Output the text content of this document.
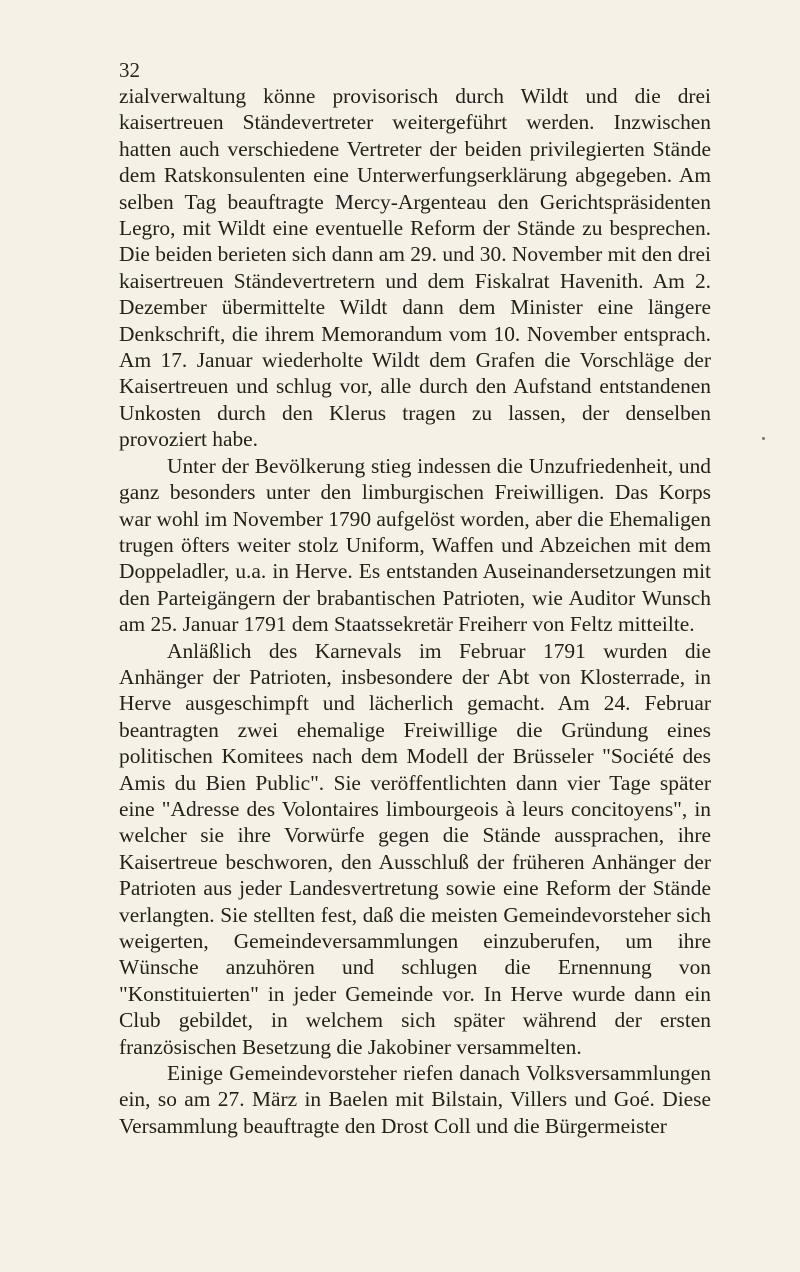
32

zialverwaltung könne provisorisch durch Wildt und die drei kaisertreuen Ständevertreter weitergeführt werden. Inzwischen hatten auch verschiedene Vertreter der beiden privilegierten Stände dem Ratskonsulenten eine Unterwerfungserklärung abgegeben. Am selben Tag beauftragte Mercy-Argenteau den Gerichtspräsidenten Legro, mit Wildt eine eventuelle Reform der Stände zu besprechen. Die beiden berieten sich dann am 29. und 30. November mit den drei kaisertreuen Ständevertretern und dem Fiskalrat Havenith. Am 2. Dezember übermittelte Wildt dann dem Minister eine längere Denkschrift, die ihrem Memorandum vom 10. November entsprach. Am 17. Januar wiederholte Wildt dem Grafen die Vorschläge der Kaisertreuen und schlug vor, alle durch den Aufstand entstandenen Unkosten durch den Klerus tragen zu lassen, der denselben provoziert habe.

Unter der Bevölkerung stieg indessen die Unzufriedenheit, und ganz besonders unter den limburgischen Freiwilligen. Das Korps war wohl im November 1790 aufgelöst worden, aber die Ehemaligen trugen öfters weiter stolz Uniform, Waffen und Abzeichen mit dem Doppeladler, u.a. in Herve. Es entstanden Auseinandersetzungen mit den Parteigängern der brabantischen Patrioten, wie Auditor Wunsch am 25. Januar 1791 dem Staatssekretär Freiherr von Feltz mitteilte.

Anläßlich des Karnevals im Februar 1791 wurden die Anhänger der Patrioten, insbesondere der Abt von Klosterrade, in Herve ausgeschimpft und lächerlich gemacht. Am 24. Februar beantragten zwei ehemalige Freiwillige die Gründung eines politischen Komitees nach dem Modell der Brüsseler "Société des Amis du Bien Public". Sie veröffentlichten dann vier Tage später eine "Adresse des Volontaires limbourgeois à leurs concitoyens", in welcher sie ihre Vorwürfe gegen die Stände aussprachen, ihre Kaisertreue beschworen, den Ausschluß der früheren Anhänger der Patrioten aus jeder Landesvertretung sowie eine Reform der Stände verlangten. Sie stellten fest, daß die meisten Gemeindevorsteher sich weigerten, Gemeindeversammlungen einzuberufen, um ihre Wünsche anzuhören und schlugen die Ernennung von "Konstituierten" in jeder Gemeinde vor. In Herve wurde dann ein Club gebildet, in welchem sich später während der ersten französischen Besetzung die Jakobiner versammelten.

Einige Gemeindevorsteher riefen danach Volksversammlungen ein, so am 27. März in Baelen mit Bilstain, Villers und Goé. Diese Versammlung beauftragte den Drost Coll und die Bürgermeister
